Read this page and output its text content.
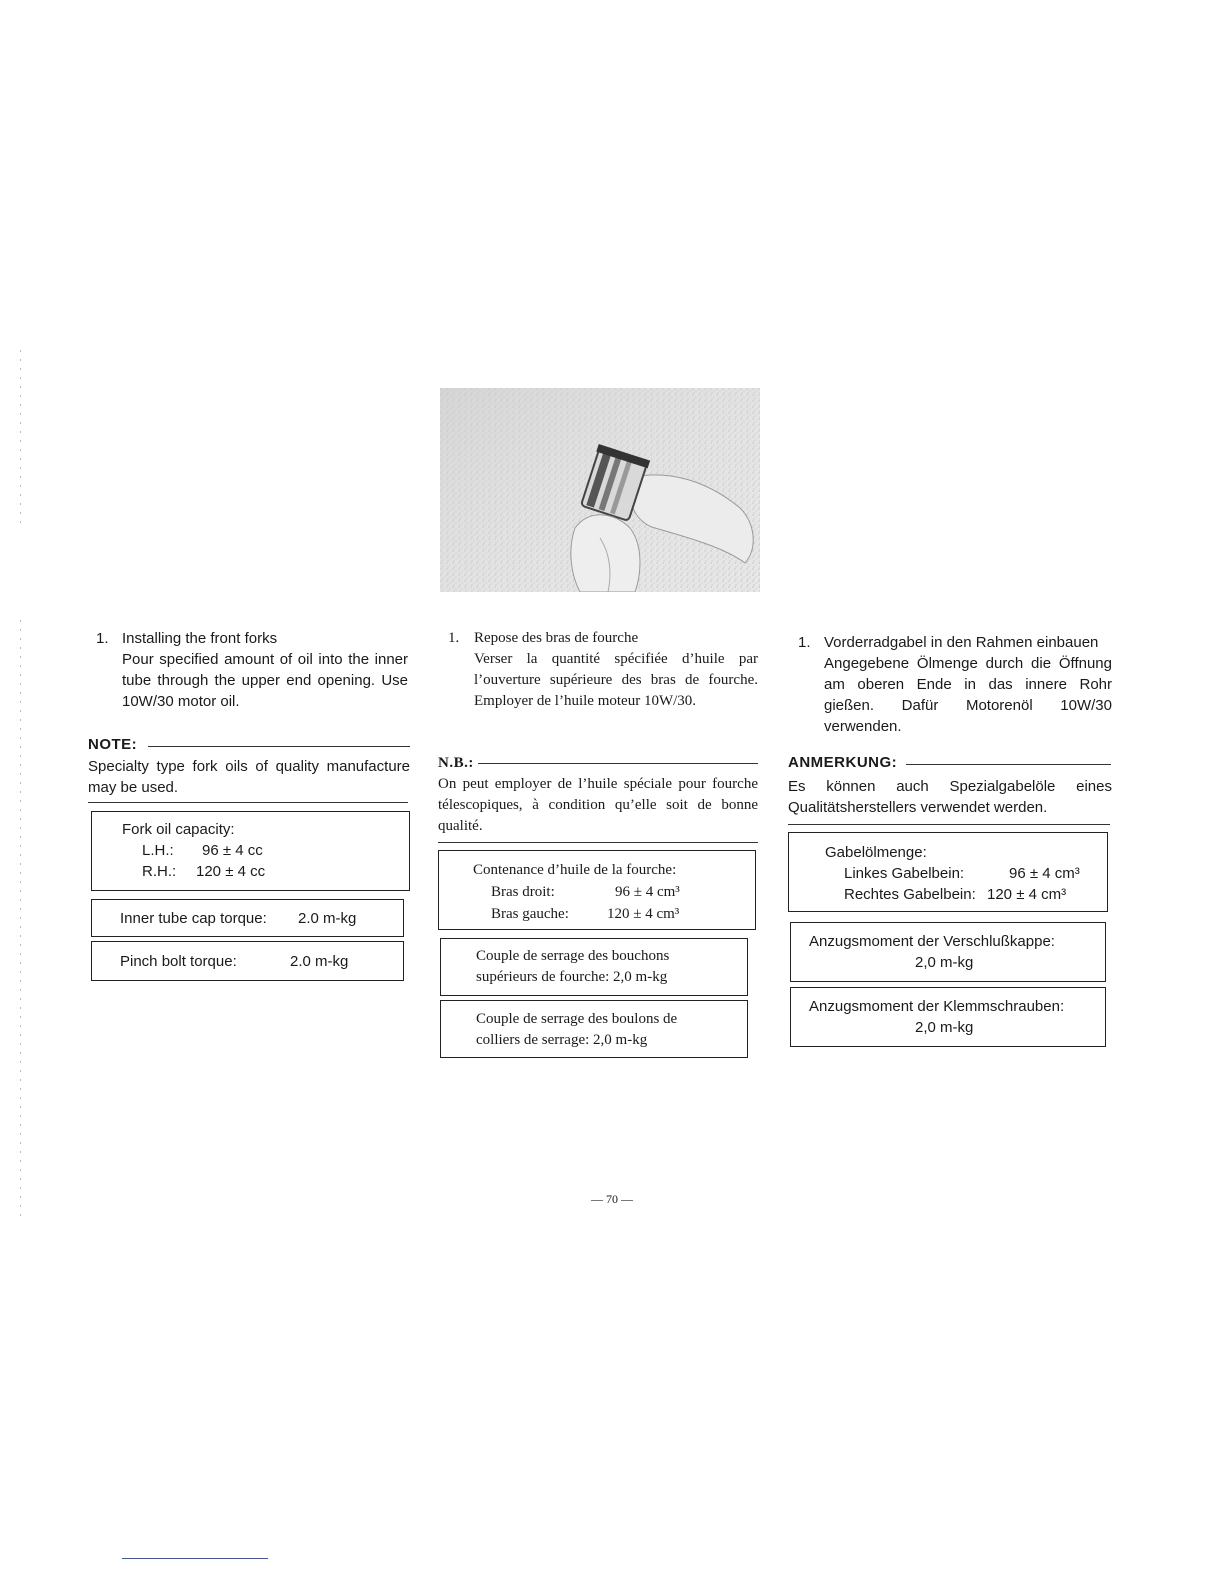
1. Installing the front forks
Pour specified amount of oil into the inner tube through the upper end opening. Use 10W/30 motor oil.
NOTE:
Specialty type fork oils of quality manufacture may be used.
Fork oil capacity:
L.H.: 96 ± 4 cc
R.H.: 120 ± 4 cc
Inner tube cap torque: 2.0 m-kg
Pinch bolt torque:	2.0 m-kg
1. Repose des bras de fourche
Verser la quantité spécifiée d’huile par l’ouverture supérieure des bras de fourche. Employer de l’huile moteur 10W/30.
N.B.:
On peut employer de l’huile spéciale pour fourche télescopiques, à condition qu’elle soit de bonne qualité.
Contenance d’huile de la fourche:
Bras droit:	96 ± 4 cm³
Bras gauche:	120 ± 4 cm³
Couple de serrage des bouchons
supérieurs de fourche: 2,0 m-kg
Couple de serrage des boulons de
colliers de serrage: 2,0 m-kg
1. Vorderradgabel in den Rahmen einbauen
Angegebene Ölmenge durch die Öffnung am oberen Ende in das innere Rohr gießen. Dafür Motorenöl 10W/30 verwenden.
ANMERKUNG:
Es können auch Spezialgabelöle eines Qualitätsherstellers verwendet werden.
Gabelölmenge:
Linkes Gabelbein:	96 ± 4 cm³
Rechtes Gabelbein: 120 ± 4 cm³
Anzugsmoment der Verschlußkappe:
2,0 m-kg
Anzugsmoment der Klemmschrauben:
2,0 m-kg
— 70 —
